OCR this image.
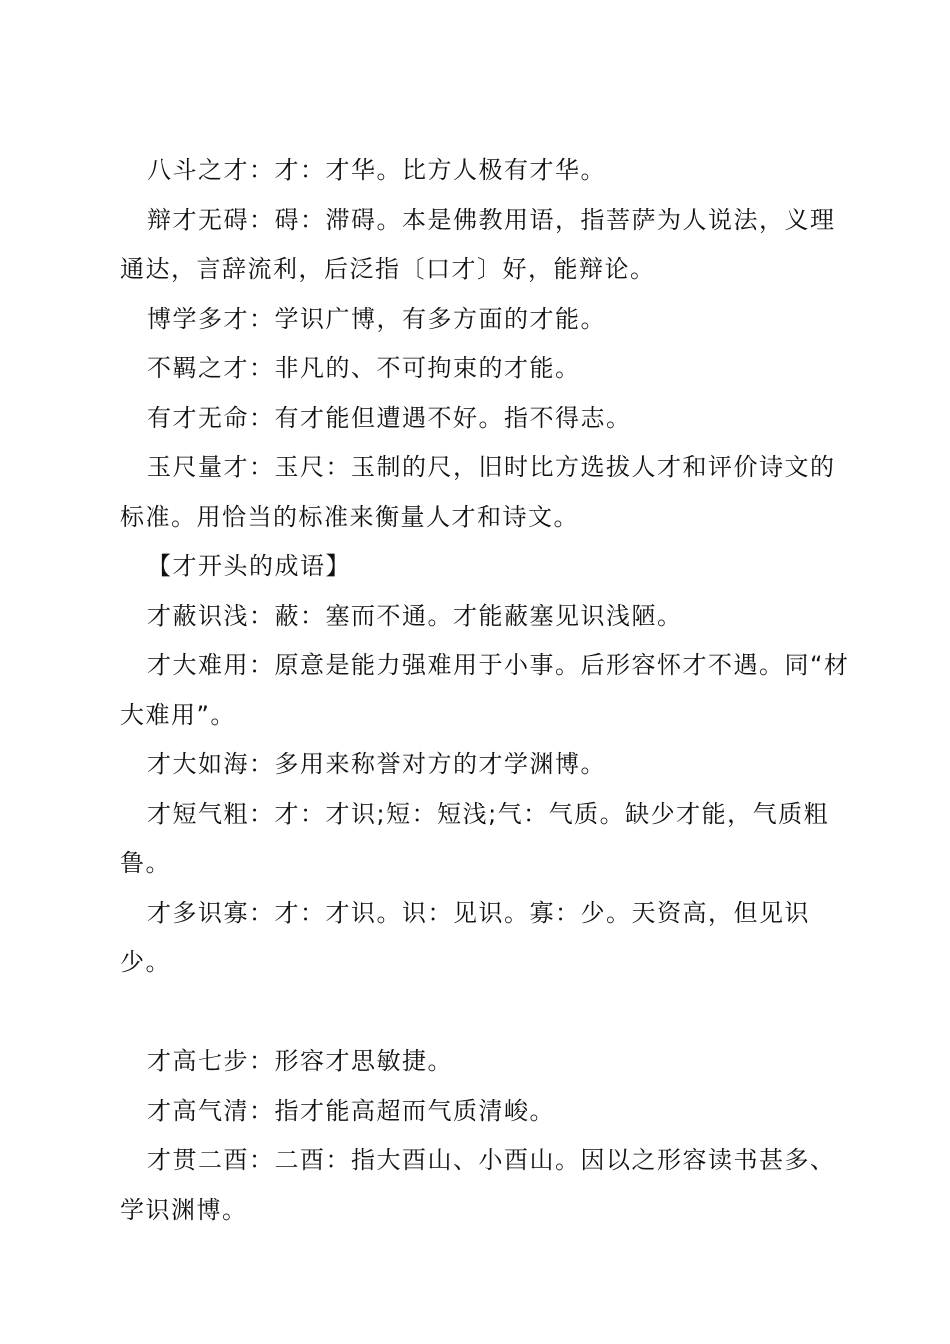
八斗之才：才：才华。比方人极有才华。

辩才无碍：碍：滞碍。本是佛教用语，指菩萨为人说法，义理通达，言辞流利，后泛指〔口才〕好，能辩论。

博学多才：学识广博，有多方面的才能。

不羁之才：非凡的、不可拘束的才能。

有才无命：有才能但遭遇不好。指不得志。

玉尺量才：玉尺：玉制的尺，旧时比方选拔人才和评价诗文的标准。用恰当的标准来衡量人才和诗文。

【才开头的成语】

才蔽识浅：蔽：塞而不通。才能蔽塞见识浅陋。

才大难用：原意是能力强难用于小事。后形容怀才不遇。同“材大难用”。

才大如海：多用来称誉对方的才学渊博。

才短气粗：才：才识;短：短浅;气：气质。缺少才能，气质粗鲁。

才多识寡：才：才识。识：见识。寡：少。天资高，但见识少。

才高七步：形容才思敏捷。

才高气清：指才能高超而气质清峻。

才贯二酉：二酉：指大酉山、小酉山。因以之形容读书甚多、学识渊博。
